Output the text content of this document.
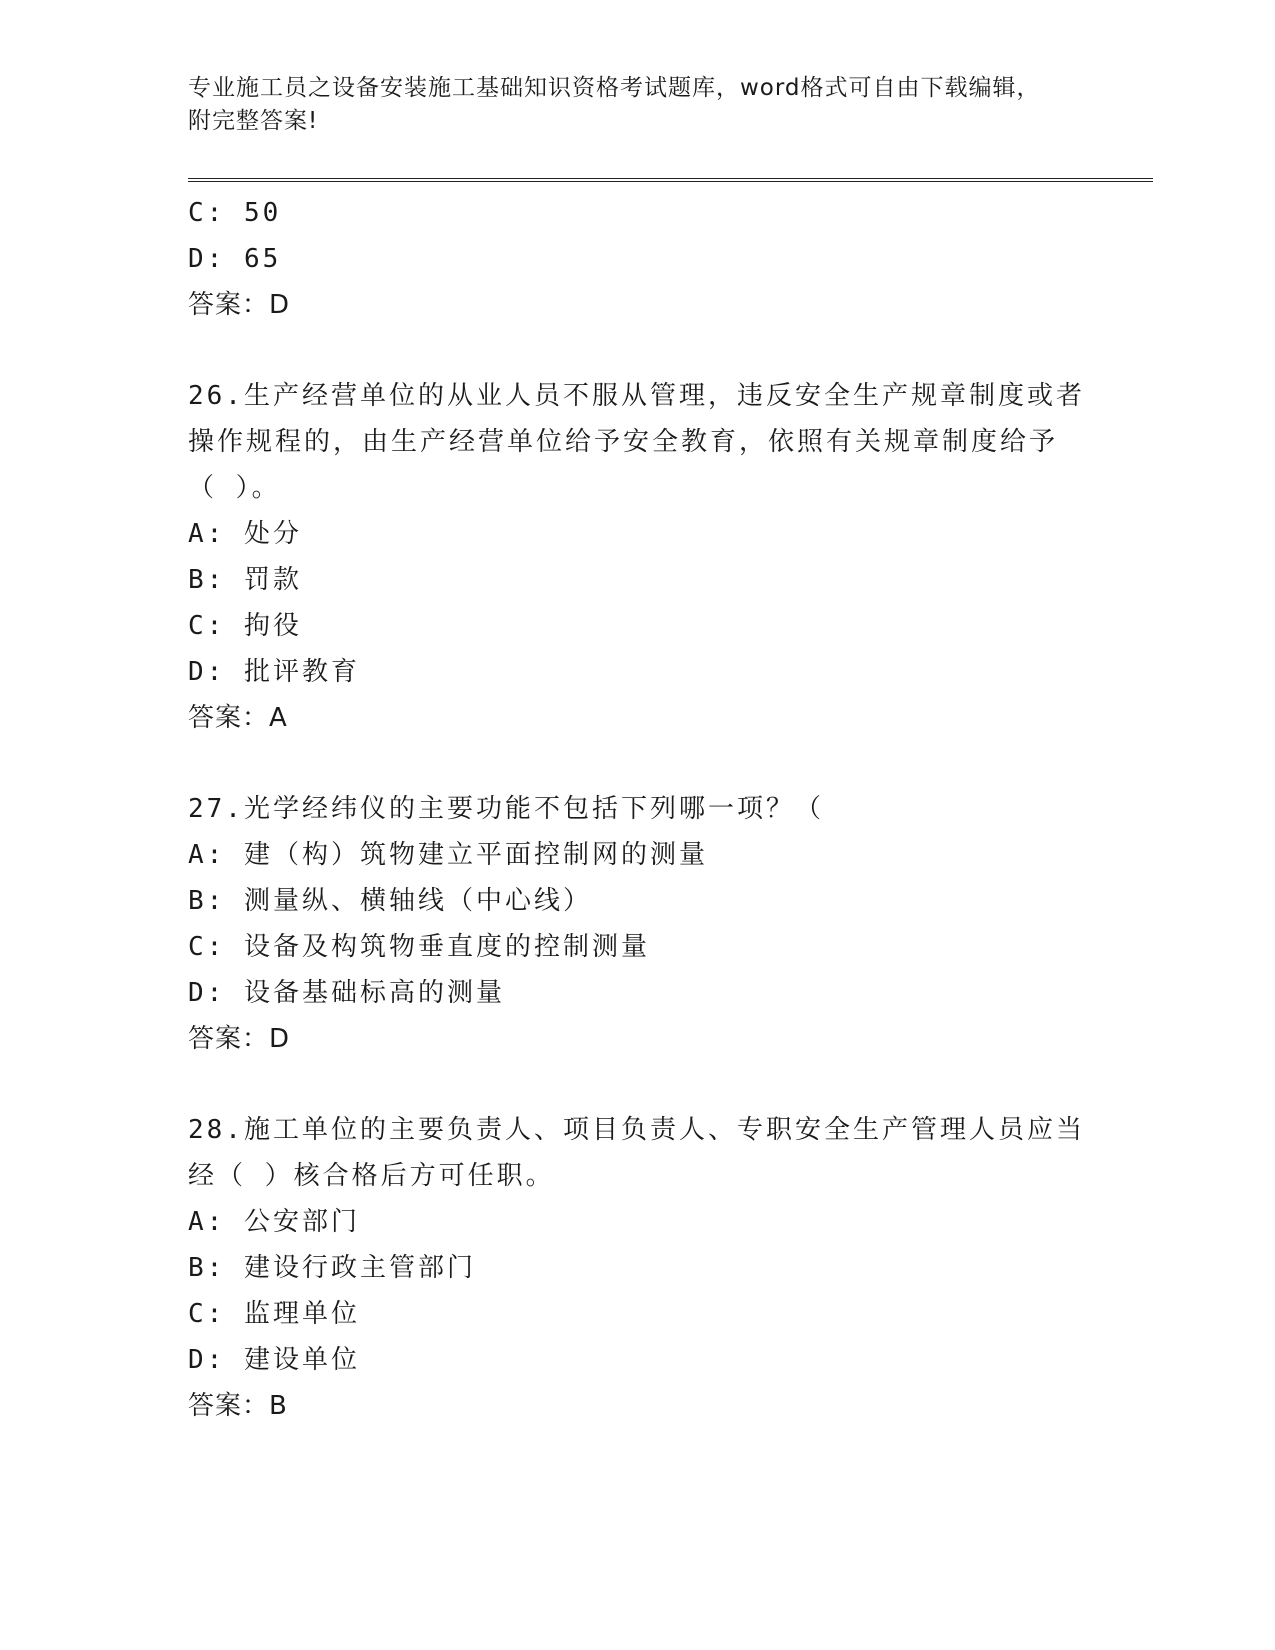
专业施工员之设备安装施工基础知识资格考试题库，word格式可自由下载编辑，
附完整答案!
C: 50
D: 65
答案：D
26.生产经营单位的从业人员不服从管理，违反安全生产规章制度或者
操作规程的，由生产经营单位给予安全教育，依照有关规章制度给予
（ ）。
A: 处分
B: 罚款
C: 拘役
D: 批评教育
答案：A
27.光学经纬仪的主要功能不包括下列哪一项？（
A: 建（构）筑物建立平面控制网的测量
B: 测量纵、横轴线（中心线）
C: 设备及构筑物垂直度的控制测量
D: 设备基础标高的测量
答案：D
28.施工单位的主要负责人、项目负责人、专职安全生产管理人员应当
经（ ）核合格后方可任职。
A: 公安部门
B: 建设行政主管部门
C: 监理单位
D: 建设单位
答案：B
